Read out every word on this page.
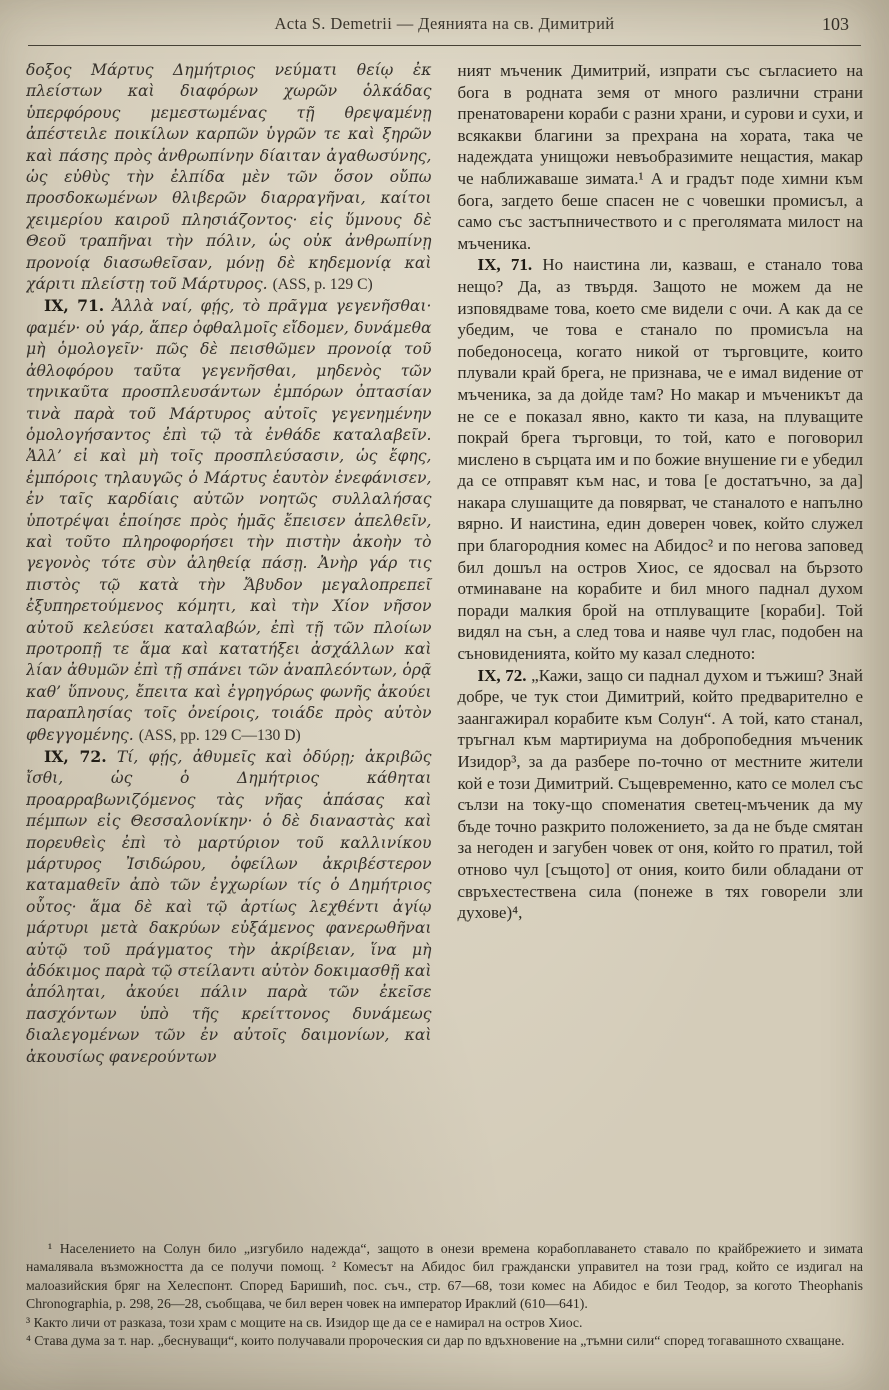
Acta S. Demetrii — Деянията на св. Димитрий	103

δοξος Μάρτυς Δημήτριος νεύματι θείῳ ἐκ πλείστων καὶ διαφόρων χωρῶν ὁλκάδας ὑπερφόρους μεμεστωμένας τῇ θρεψαμένῃ ἀπέστειλε ποικίλων καρπῶν ὑγρῶν τε καὶ ξηρῶν καὶ πάσης πρὸς ἀνθρωπίνην δίαιταν ἀγαθωσύνης, ὡς εὐθὺς τὴν ἐλπίδα μὲν τῶν ὅσον οὔπω προσδοκωμένων θλιβερῶν διαρραγῆναι, καίτοι χειμερίου καιροῦ πλησιάζοντος· εἰς ὕμνους δὲ Θεοῦ τραπῆναι τὴν πόλιν, ὡς οὐκ ἀνθρωπίνῃ προνοίᾳ διασωθεῖσαν, μόνῃ δὲ κηδεμονίᾳ καὶ χάριτι πλείστῃ τοῦ Μάρτυρος. (ASS, p. 129 C)

IX, 71. Ἀλλὰ ναί, φῄς, τὸ πρᾶγμα γεγενῆσθαι· φαμέν· οὐ γάρ, ἅπερ ὀφθαλμοῖς εἴδομεν, δυνάμεθα μὴ ὁμολογεῖν· πῶς δὲ πεισθῶμεν προνοίᾳ τοῦ ἀθλοφόρου ταῦτα γεγενῆσθαι, μηδενὸς τῶν τηνικαῦτα προσπλευσάντων ἐμπόρων ὀπτασίαν τινὰ παρὰ τοῦ Μάρτυρος αὐτοῖς γεγενημένην ὁμολογήσαντος ἐπὶ τῷ τὰ ἐνθάδε καταλαβεῖν. Ἀλλ’ εἰ καὶ μὴ τοῖς προσπλεύσασιν, ὡς ἔφης, ἐμπόροις τηλαυγῶς ὁ Μάρτυς ἑαυτὸν ἐνεφάνισεν, ἐν ταῖς καρδίαις αὐτῶν νοητῶς συλλαλήσας ὑποτρέψαι ἐποίησε πρὸς ἡμᾶς ἔπεισεν ἀπελθεῖν, καὶ τοῦτο πληροφορήσει τὴν πιστὴν ἀκοὴν τὸ γεγονὸς τότε σὺν ἀληθείᾳ πάσῃ. Ἀνὴρ γάρ τις πιστὸς τῷ κατὰ τὴν Ἄβυδον μεγαλοπρεπεῖ ἐξυπηρετούμενος κόμητι, καὶ τὴν Χίον νῆσον αὐτοῦ κελεύσει καταλαβών, ἐπὶ τῇ τῶν πλοίων προτροπῇ τε ἅμα καὶ κατατήξει ἀσχάλλων καὶ λίαν ἀθυμῶν ἐπὶ τῇ σπάνει τῶν ἀναπλεόντων, ὁρᾷ καθ’ ὕπνους, ἔπειτα καὶ ἐγρηγόρως φωνῆς ἀκούει παραπλησίας τοῖς ὀνείροις, τοιάδε πρὸς αὐτὸν φθεγγομένης. (ASS, pp. 129 C—130 D)

IX, 72. Τί, φῄς, ἀθυμεῖς καὶ ὀδύρῃ; ἀκριβῶς ἴσθι, ὡς ὁ Δημήτριος κάθηται προαρραβωνιζόμενος τὰς νῆας ἁπάσας καὶ πέμπων εἰς Θεσσαλονίκην· ὁ δὲ διαναστὰς καὶ πορευθεὶς ἐπὶ τὸ μαρτύριον τοῦ καλλινίκου μάρτυρος Ἰσιδώρου, ὀφείλων ἀκριβέστερον καταμαθεῖν ἀπὸ τῶν ἐγχωρίων τίς ὁ Δημήτριος οὗτος· ἅμα δὲ καὶ τῷ ἀρτίως λεχθέντι ἁγίῳ μάρτυρι μετὰ δακρύων εὐξάμενος φανερωθῆναι αὐτῷ τοῦ πράγματος τὴν ἀκρίβειαν, ἵνα μὴ ἀδόκιμος παρὰ τῷ στείλαντι αὐτὸν δοκιμασθῇ καὶ ἀπόληται, ἀκούει πάλιν παρὰ τῶν ἐκεῖσε πασχόντων ὑπὸ τῆς κρείττονος δυνάμεως διαλεγομένων τῶν ἐν αὐτοῖς δαιμονίων, καὶ ἀκουσίως φανερούντων

ният мъченик Димитрий, изпрати със съгласието на бога в родната земя от много различни страни пренатоварени кораби с разни храни, и сурови и сухи, и всякакви благини за прехрана на хората, така че надеждата унищожи невъобразимите нещастия, макар че наближаваше зимата.¹ А и градът поде химни към бога, загдето беше спасен не с човешки промисъл, а само със застъпничеството и с преголямата милост на мъченика.

IX, 71. Но наистина ли, казваш, е станало това нещо? Да, аз твърдя. Защото не можем да не изповядваме това, което сме видели с очи. А как да се убедим, че това е станало по промисъла на победоносеца, когато никой от търговците, които плували край брега, не признава, че е имал видение от мъченика, за да дойде там? Но макар и мъченикът да не се е показал явно, както ти каза, на плуващите покрай брега търговци, то той, като е поговорил мислено в сърцата им и по божие внушение ги е убедил да се отправят към нас, и това [е достатъчно, за да] накара слушащите да повярват, че станалото е напълно вярно. И наистина, един доверен човек, който служел при благородния комес на Абидос² и по негова заповед бил дошъл на остров Хиос, се ядосвал на бързото отминаване на корабите и бил много паднал духом поради малкия брой на отплуващите [кораби]. Той видял на сън, а след това и наяве чул глас, подобен на съновиденията, който му казал следното:

IX, 72. „Кажи, защо си паднал духом и тъжиш? Знай добре, че тук стои Димитрий, който предварително е заангажирал корабите към Солун“. А той, като станал, тръгнал към мартириума на добропобедния мъченик Изидор³, за да разбере по-точно от местните жители кой е този Димитрий. Същевременно, като се молел със сълзи на току-що споменатия светец-мъченик да му бъде точно разкрито положението, за да не бъде смятан за негоден и загубен човек от оня, който го пратил, той отново чул [същото] от ония, които били обладани от свръхестествена сила (понеже в тях говорели зли духове)⁴,

¹ Населението на Солун било „изгубило надежда“, защото в онези времена корабоплаването ставало по крайбрежието и зимата намалявала възможността да се получи помощ. ² Комесът на Абидос бил граждански управител на този град, който се издигал на малоазийския бряг на Хелеспонт. Според Баришић, пос. съч., стр. 67—68, този комес на Абидос е бил Теодор, за когото Theophanis Chronographia, p. 298, 26—28, съобщава, че бил верен човек на император Ираклий (610—641).

³ Както личи от разказа, този храм с мощите на св. Изидор ще да се е намирал на остров Хиос.

⁴ Става дума за т. нар. „беснуващи“, които получавали пророческия си дар по вдъхновение на „тъмни сили“ според тогавашното схващане.
